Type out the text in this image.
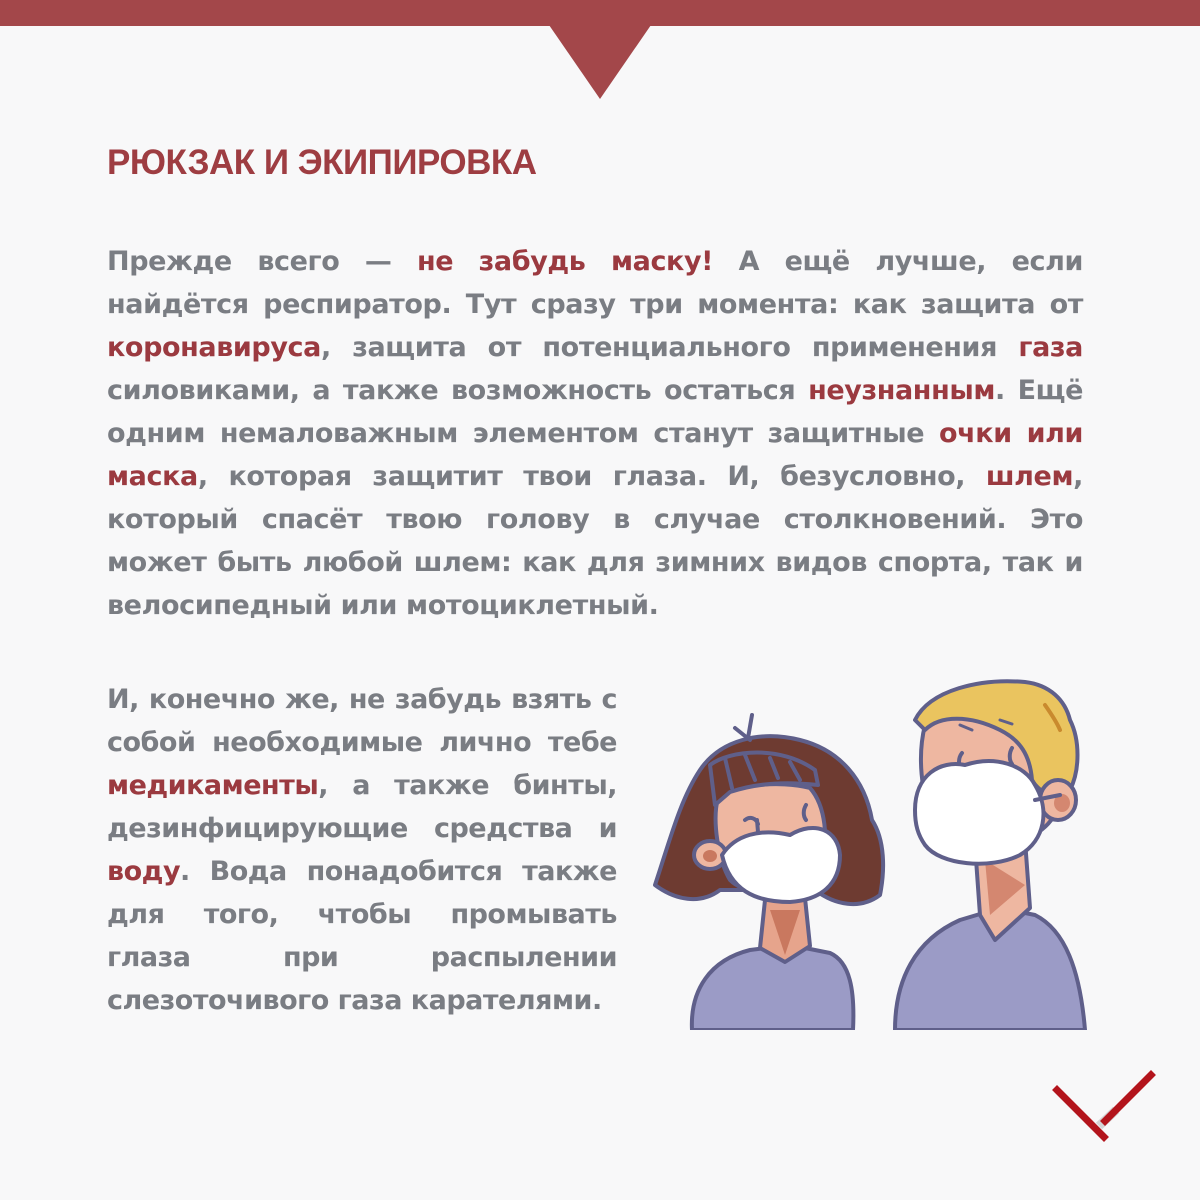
РЮКЗАК И ЭКИПИРОВКА

Прежде всего — не забудь маску! А ещё лучше, если найдётся респиратор. Тут сразу три момента: как защита от коронавируса, защита от потенциального применения газа силовиками, а также возможность остаться неузнанным. Ещё одним немаловажным элементом станут защитные очки или маска, которая защитит твои глаза. И, безусловно, шлем, который спасёт твою голову в случае столкновений. Это может быть любой шлем: как для зимних видов спорта, так и велосипедный или мотоциклетный.

И, конечно же, не забудь взять с собой необходимые лично тебе медикаменты, а также бинты, дезинфицирующие средства и воду. Вода понадобится также для того, чтобы промывать глаза при распылении слезоточивого газа карателями.
